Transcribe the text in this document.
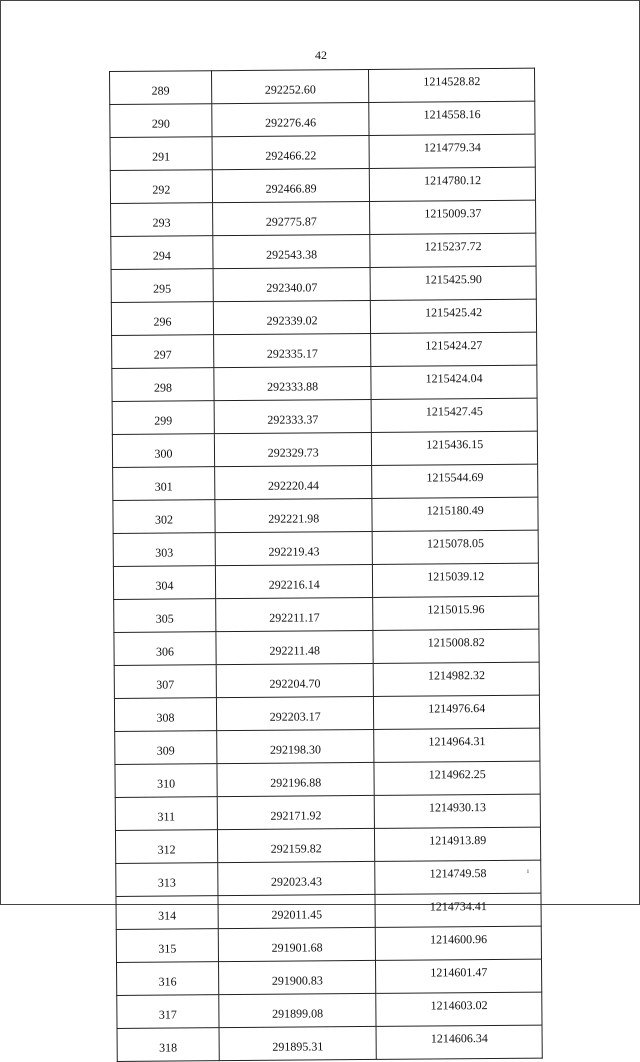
42
289	292252.60	1214528.82
290	292276.46	1214558.16
291	292466.22	1214779.34
292	292466.89	1214780.12
293	292775.87	1215009.37
294	292543.38	1215237.72
295	292340.07	1215425.90
296	292339.02	1215425.42
297	292335.17	1215424.27
298	292333.88	1215424.04
299	292333.37	1215427.45
300	292329.73	1215436.15
301	292220.44	1215544.69
302	292221.98	1215180.49
303	292219.43	1215078.05
304	292216.14	1215039.12
305	292211.17	1215015.96
306	292211.48	1215008.82
307	292204.70	1214982.32
308	292203.17	1214976.64
309	292198.30	1214964.31
310	292196.88	1214962.25
311	292171.92	1214930.13
312	292159.82	1214913.89
313	292023.43	1214749.58
314	292011.45	1214734.41
315	291901.68	1214600.96
316	291900.83	1214601.47
317	291899.08	1214603.02
318	291895.31	1214606.34
ı
